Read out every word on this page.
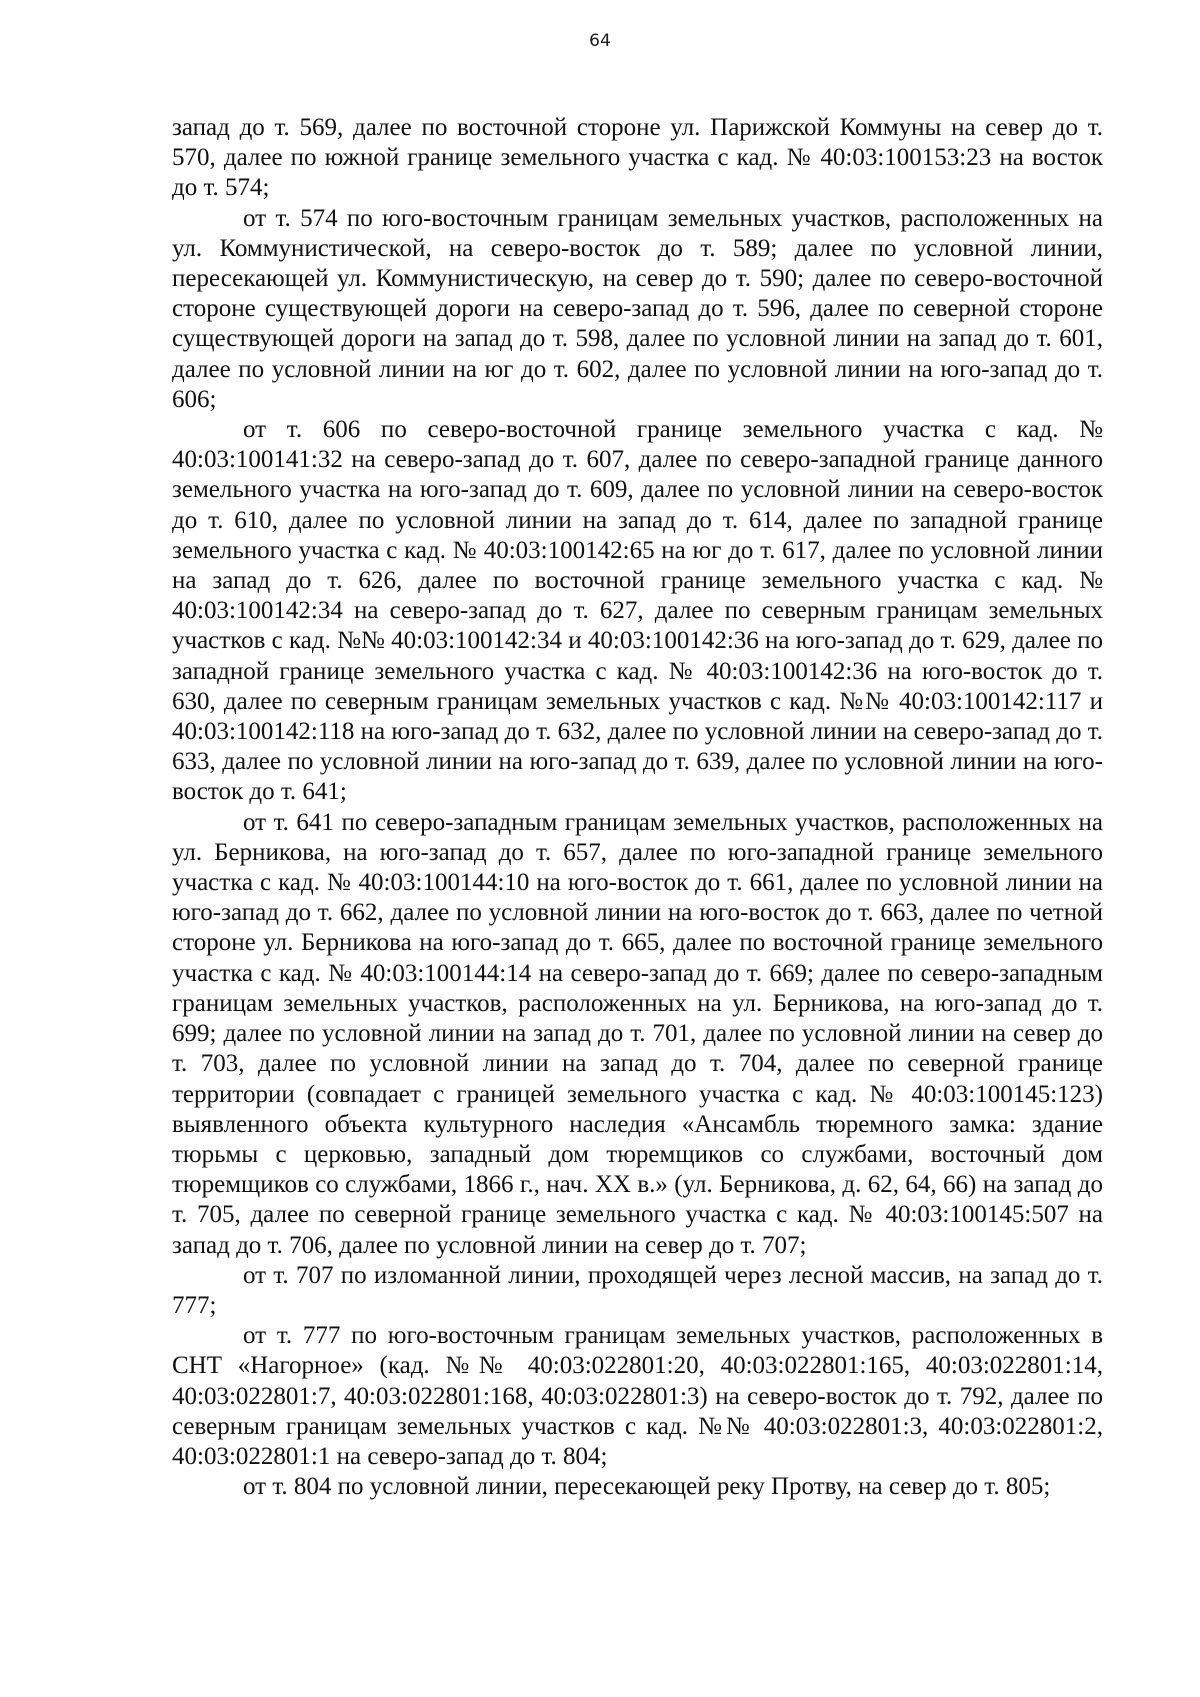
64

запад до т. 569, далее по восточной стороне ул. Парижской Коммуны на север до т. 570, далее по южной границе земельного участка с кад. № 40:03:100153:23 на восток до т. 574;

от т. 574 по юго-восточным границам земельных участков, расположенных на ул. Коммунистической, на северо-восток до т. 589; далее по условной линии, пересекающей ул. Коммунистическую, на север до т. 590; далее по северо-восточной стороне существующей дороги на северо-запад до т. 596, далее по северной стороне существующей дороги на запад до т. 598, далее по условной линии на запад до т. 601, далее по условной линии на юг до т. 602, далее по условной линии на юго-запад до т. 606;

от т. 606 по северо-восточной границе земельного участка с кад. № 40:03:100141:32 на северо-запад до т. 607, далее по северо-западной границе данного земельного участка на юго-запад до т. 609, далее по условной линии на северо-восток до т. 610, далее по условной линии на запад до т. 614, далее по западной границе земельного участка с кад. № 40:03:100142:65 на юг до т. 617, далее по условной линии на запад до т. 626, далее по восточной границе земельного участка с кад. № 40:03:100142:34 на северо-запад до т. 627, далее по северным границам земельных участков с кад. №№ 40:03:100142:34 и 40:03:100142:36 на юго-запад до т. 629, далее по западной границе земельного участка с кад. № 40:03:100142:36 на юго-восток до т. 630, далее по северным границам земельных участков с кад. №№ 40:03:100142:117 и 40:03:100142:118 на юго-запад до т. 632, далее по условной линии на северо-запад до т. 633, далее по условной линии на юго-запад до т. 639, далее по условной линии на юго-восток до т. 641;

от т. 641 по северо-западным границам земельных участков, расположенных на ул. Берникова, на юго-запад до т. 657, далее по юго-западной границе земельного участка с кад. № 40:03:100144:10 на юго-восток до т. 661, далее по условной линии на юго-запад до т. 662, далее по условной линии на юго-восток до т. 663, далее по четной стороне ул. Берникова на юго-запад до т. 665, далее по восточной границе земельного участка с кад. № 40:03:100144:14 на северо-запад до т. 669; далее по северо-западным границам земельных участков, расположенных на ул. Берникова, на юго-запад до т. 699; далее по условной линии на запад до т. 701, далее по условной линии на север до т. 703, далее по условной линии на запад до т. 704, далее по северной границе территории (совпадает с границей земельного участка с кад. № 40:03:100145:123) выявленного объекта культурного наследия «Ансамбль тюремного замка: здание тюрьмы с церковью, западный дом тюремщиков со службами, восточный дом тюремщиков со службами, 1866 г., нач. XX в.» (ул. Берникова, д. 62, 64, 66) на запад до т. 705, далее по северной границе земельного участка с кад. № 40:03:100145:507 на запад до т. 706, далее по условной линии на север до т. 707;

от т. 707 по изломанной линии, проходящей через лесной массив, на запад до т. 777;

от т. 777 по юго-восточным границам земельных участков, расположенных в СНТ «Нагорное» (кад. №№ 40:03:022801:20, 40:03:022801:165, 40:03:022801:14, 40:03:022801:7, 40:03:022801:168, 40:03:022801:3) на северо-восток до т. 792, далее по северным границам земельных участков с кад. №№ 40:03:022801:3, 40:03:022801:2, 40:03:022801:1 на северо-запад до т. 804;

от т. 804 по условной линии, пересекающей реку Протву, на север до т. 805;
